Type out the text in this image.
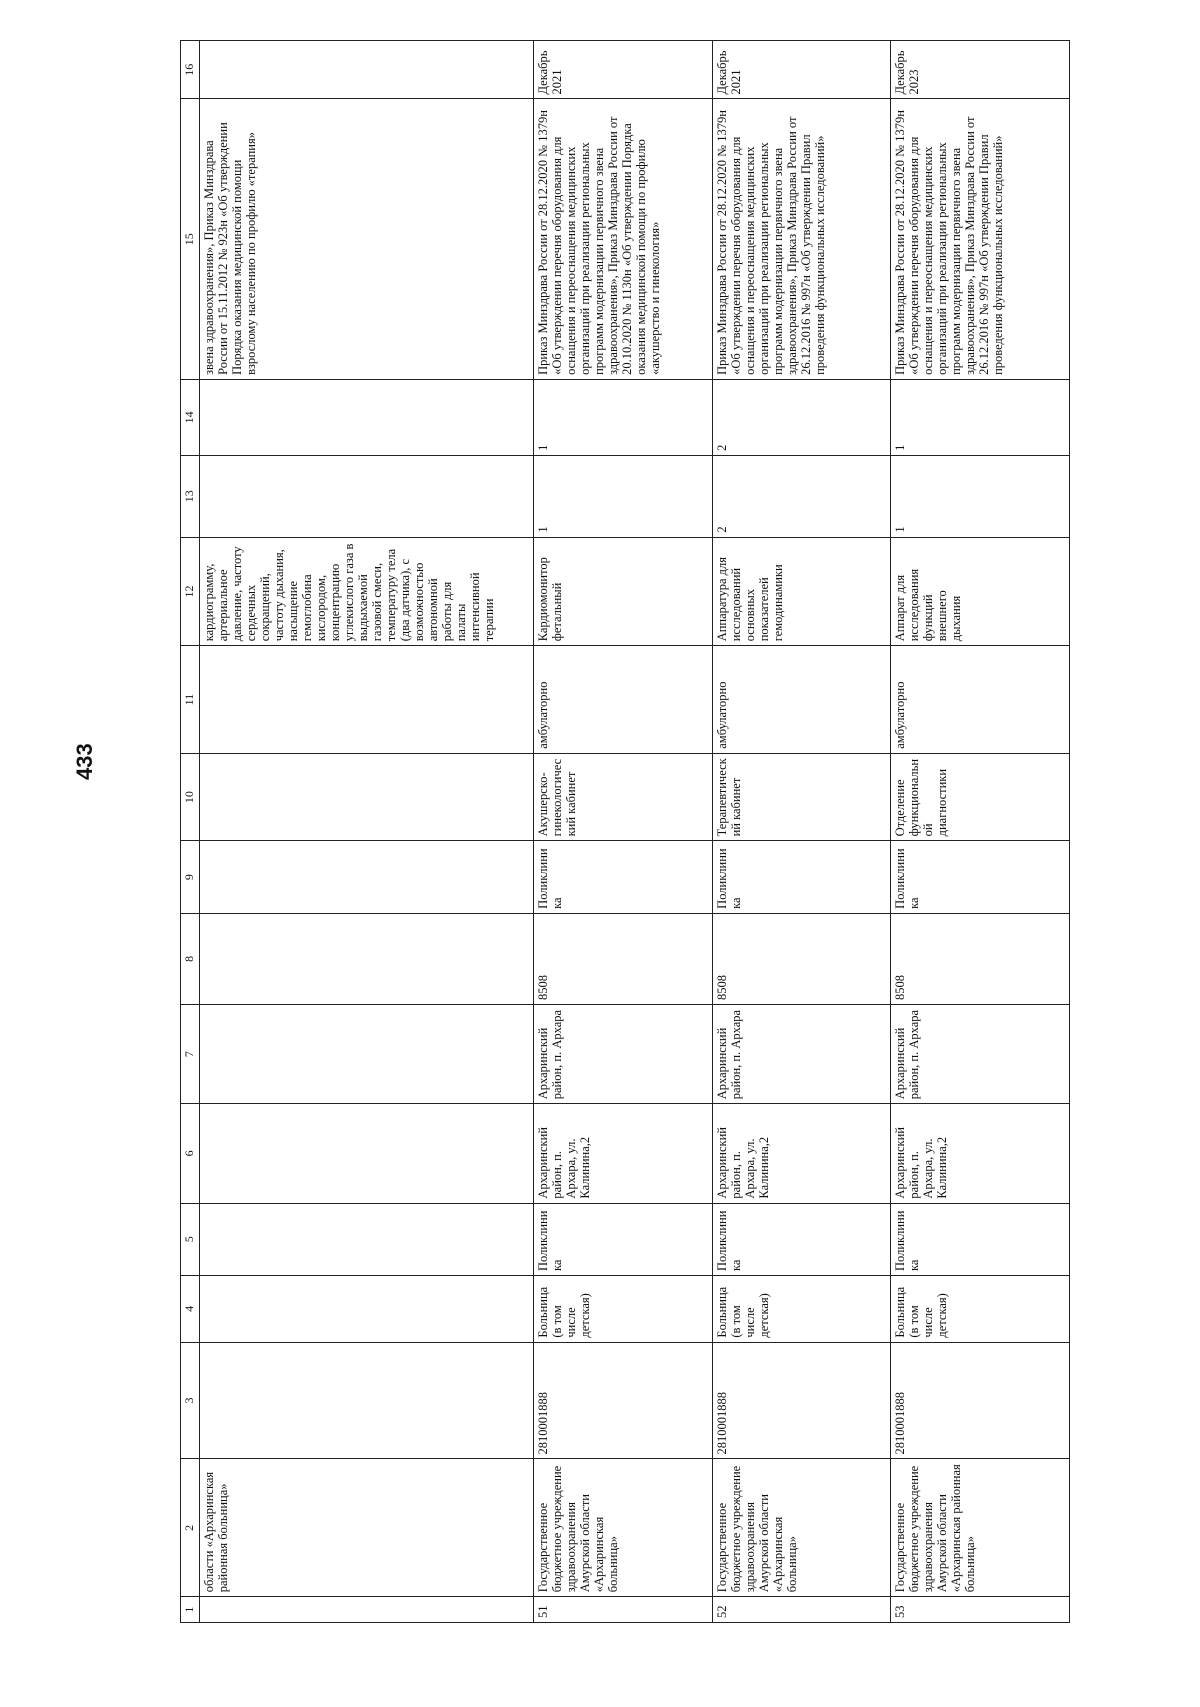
433
1	2	3	4	5	6	7	8	9	10	11	12	13	14	15	16
	области «Архаринская районная больница»										кардиограмму, артериальное давление, частоту сердечных сокращений, частоту дыхания, насыщение гемоглобина кислородом, концентрацию углекислого газа в выдыхаемой газовой смеси, температуру тела (два датчика), с возможностью автономной работы для палаты интенсивной терапии			звена здравоохранения», Приказ Минздрава России от 15.11.2012 № 923н «Об утверждении Порядка оказания медицинской помощи взрослому населению по профилю «терапия»	
51	Государственное бюджетное учреждение здравоохранения Амурской области «Архаринская больница»	2810001888	Больница (в том числе детская)	Поликлиника	Архаринский район, п. Архара, ул. Калинина,2	Архаринский район, п. Архара	8508	Поликлиника	Акушерско-гинекологический кабинет	амбулаторно	Кардиомонитор фетальный	1	1	Приказ Минздрава России от 28.12.2020 № 1379н «Об утверждении перечня оборудования для оснащения и переоснащения медицинских организаций при реализации региональных программ модернизации первичного звена здравоохранения», Приказ Минздрава России от 20.10.2020 № 1130н «Об утверждении Порядка оказания медицинской помощи по профилю «акушерство и гинекология»	Декабрь 2021
52	Государственное бюджетное учреждение здравоохранения Амурской области «Архаринская больница»	2810001888	Больница (в том числе детская)	Поликлиника	Архаринский район, п. Архара, ул. Калинина,2	Архаринский район, п. Архара	8508	Поликлиника	Терапевтический кабинет	амбулаторно	Аппаратура для исследований основных показателей гемодинамики	2	2	Приказ Минздрава России от 28.12.2020 № 1379н «Об утверждении перечня оборудования для оснащения и переоснащения медицинских организаций при реализации региональных программ модернизации первичного звена здравоохранения», Приказ Минздрава России от 26.12.2016 № 997н «Об утверждении Правил проведения функциональных исследований»	Декабрь 2021
53	Государственное бюджетное учреждение здравоохранения Амурской области «Архаринская районная больница»	2810001888	Больница (в том числе детская)	Поликлиника	Архаринский район, п. Архара, ул. Калинина,2	Архаринский район, п. Архара	8508	Поликлиника	Отделение функциональной диагностики	амбулаторно	Аппарат для исследования функций внешнего дыхания	1	1	Приказ Минздрава России от 28.12.2020 № 1379н «Об утверждении перечня оборудования для оснащения и переоснащения медицинских организаций при реализации региональных программ модернизации первичного звена здравоохранения», Приказ Минздрава России от 26.12.2016 № 997н «Об утверждении Правил проведения функциональных исследований»	Декабрь 2023
